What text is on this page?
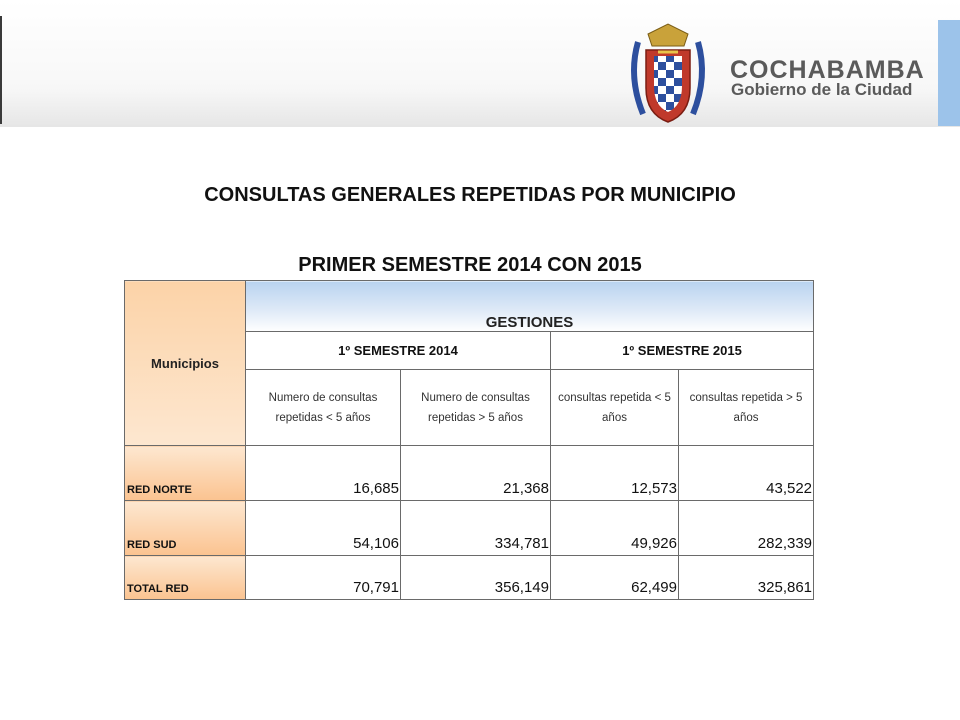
COCHABAMBA
Gobierno de la Ciudad
CONSULTAS GENERALES REPETIDAS POR MUNICIPIO
PRIMER SEMESTRE 2014 CON 2015
Municipios	GESTIONES			
	1º SEMESTRE 2014		1º SEMESTRE 2015	
	Numero de consultas repetidas < 5 años	Numero de consultas repetidas > 5 años	consultas repetida < 5 años	consultas repetida > 5 años
RED NORTE	16,685	21,368	12,573	43,522
RED SUD	54,106	334,781	49,926	282,339
TOTAL RED	70,791	356,149	62,499	325,861
